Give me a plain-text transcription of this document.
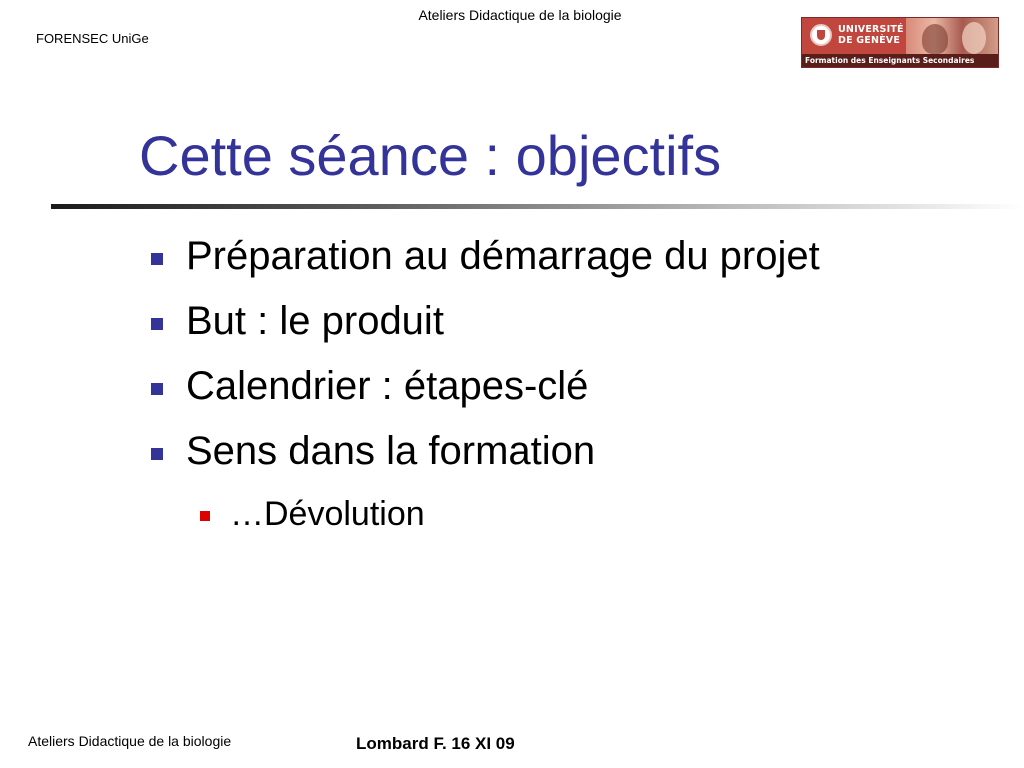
Ateliers Didactique de la biologie
FORENSEC UniGe
UNIVERSITÉ
DE GENÈVE
Formation des Enseignants Secondaires
Cette séance : objectifs
Préparation au démarrage du projet
But : le produit
Calendrier : étapes-clé
Sens dans la formation
…Dévolution
Ateliers Didactique de la biologie	Lombard F. 16 XI 09
